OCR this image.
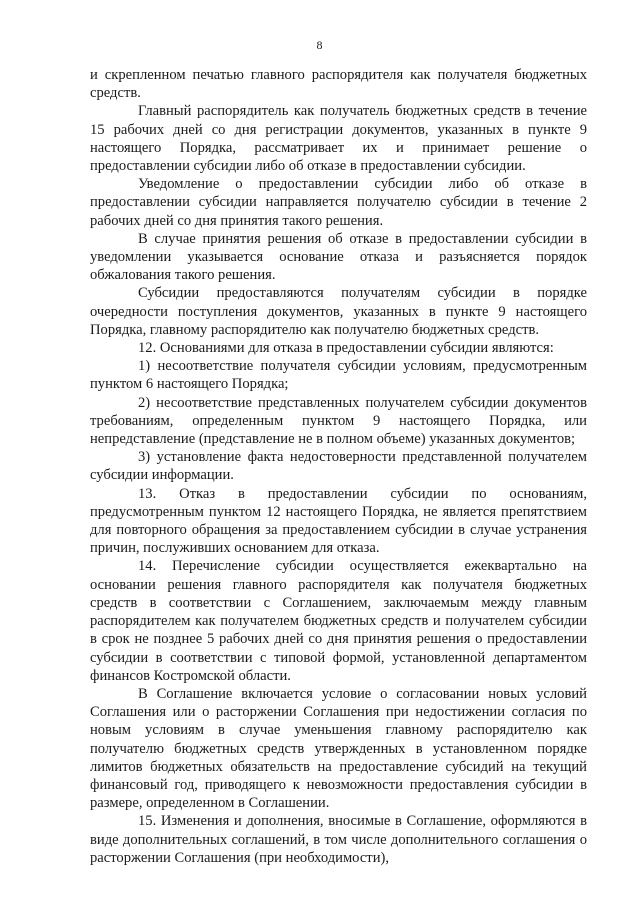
8

и скрепленном печатью главного распорядителя как получателя бюджетных средств.

Главный распорядитель как получатель бюджетных средств в течение 15 рабочих дней со дня регистрации документов, указанных в пункте 9 настоящего Порядка, рассматривает их и принимает решение о предоставлении субсидии либо об отказе в предоставлении субсидии.

Уведомление о предоставлении субсидии либо об отказе в предоставлении субсидии направляется получателю субсидии в течение 2 рабочих дней со дня принятия такого решения.

В случае принятия решения об отказе в предоставлении субсидии в уведомлении указывается основание отказа и разъясняется порядок обжалования такого решения.

Субсидии предоставляются получателям субсидии в порядке очередности поступления документов, указанных в пункте 9 настоящего Порядка, главному распорядителю как получателю бюджетных средств.

12. Основаниями для отказа в предоставлении субсидии являются:

1) несоответствие получателя субсидии условиям, предусмотренным пунктом 6 настоящего Порядка;

2) несоответствие представленных получателем субсидии документов требованиям, определенным пунктом 9 настоящего Порядка, или непредставление (представление не в полном объеме) указанных документов;

3) установление факта недостоверности представленной получателем субсидии информации.

13. Отказ в предоставлении субсидии по основаниям, предусмотренным пунктом 12 настоящего Порядка, не является препятствием для повторного обращения за предоставлением субсидии в случае устранения причин, послуживших основанием для отказа.

14. Перечисление субсидии осуществляется ежеквартально на основании решения главного распорядителя как получателя бюджетных средств в соответствии с Соглашением, заключаемым между главным распорядителем как получателем бюджетных средств и получателем субсидии в срок не позднее 5 рабочих дней со дня принятия решения о предоставлении субсидии в соответствии с типовой формой, установленной департаментом финансов Костромской области.

В Соглашение включается условие о согласовании новых условий Соглашения или о расторжении Соглашения при недостижении согласия по новым условиям в случае уменьшения главному распорядителю как получателю бюджетных средств утвержденных в установленном порядке лимитов бюджетных обязательств на предоставление субсидий на текущий финансовый год, приводящего к невозможности предоставления субсидии в размере, определенном в Соглашении.

15. Изменения и дополнения, вносимые в Соглашение, оформляются в виде дополнительных соглашений, в том числе дополнительного соглашения о расторжении Соглашения (при необходимости),
